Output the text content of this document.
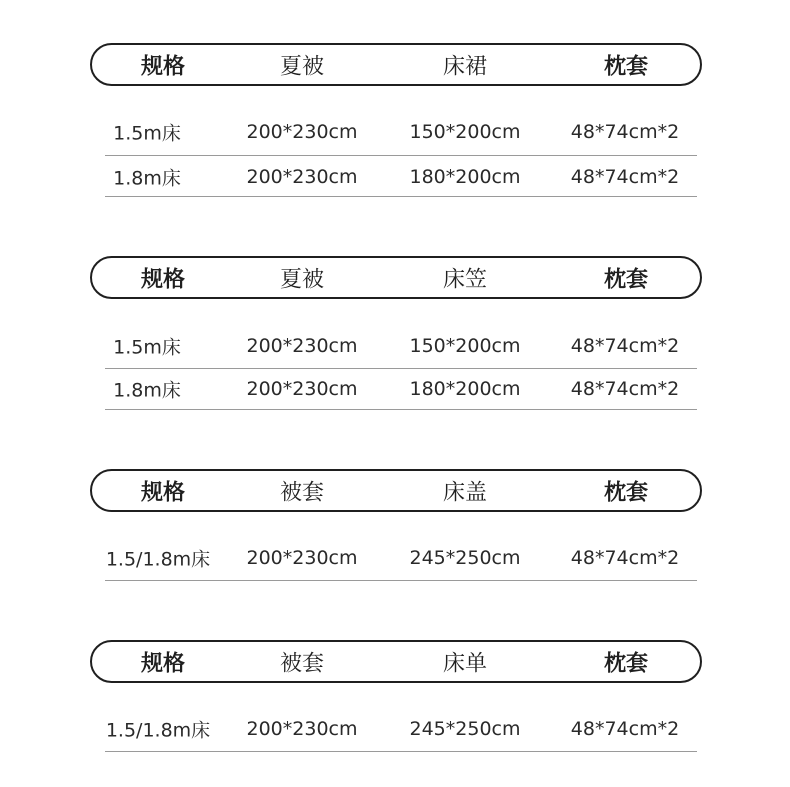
规格	夏被	床裙	枕套
1.5m床	200*230cm	150*200cm	48*74cm*2
1.8m床	200*230cm	180*200cm	48*74cm*2
规格	夏被	床笠	枕套
1.5m床	200*230cm	150*200cm	48*74cm*2
1.8m床	200*230cm	180*200cm	48*74cm*2
规格	被套	床盖	枕套
1.5/1.8m床 200*230cm	245*250cm	48*74cm*2
规格	被套	床单	枕套
1.5/1.8m床 200*230cm	245*250cm	48*74cm*2
